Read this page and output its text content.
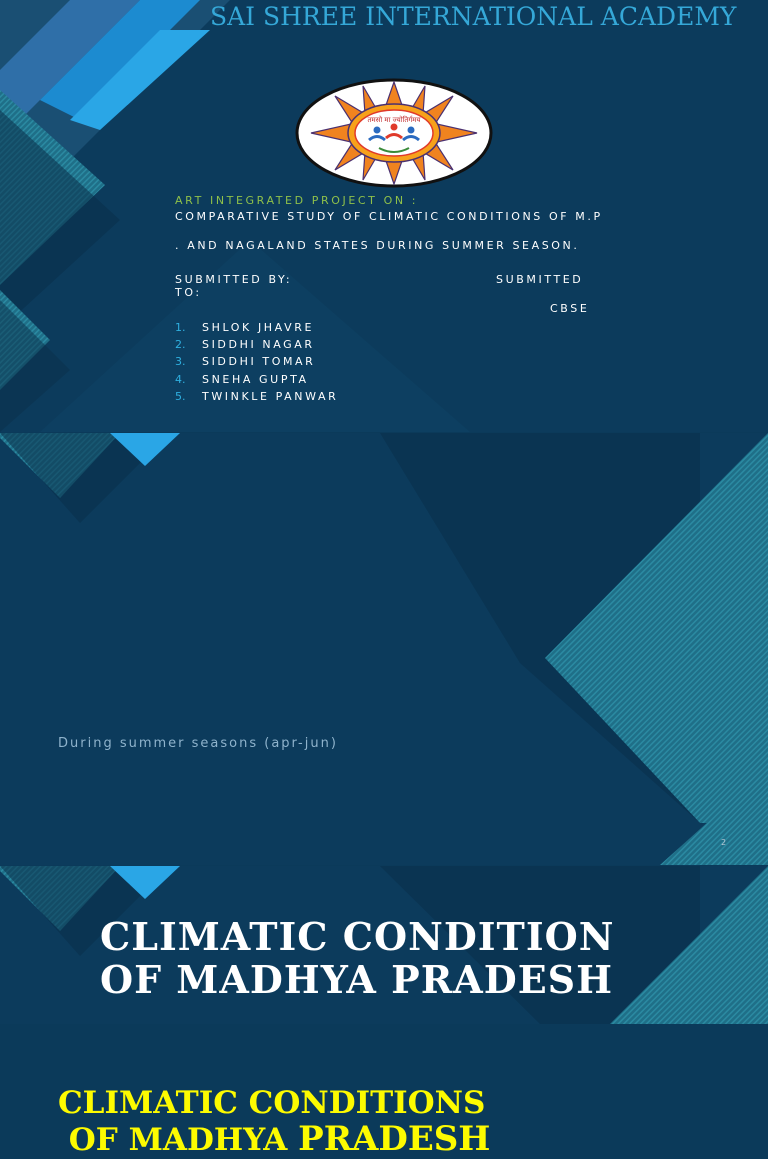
SAI SHREE INTERNATIONAL ACADEMY
तमसो मा ज्योतिर्गमय
ART INTEGRATED PROJECT ON :
COMPARATIVE STUDY OF CLIMATIC CONDITIONS OF M.P
. AND NAGALAND STATES DURING SUMMER SEASON.
SUBMITTED BY:	SUBMITTED
TO:
CBSE
1.	SHLOK JHAVRE
2.	SIDDHI NAGAR
3.	SIDDHI TOMAR
4.	SNEHA GUPTA
5.	TWINKLE PANWAR
CLIMATIC CONDITIONS
OF MADHYA PRADESH
During summer seasons (apr-jun)
2
CLIMATIC CONDITION
OF MADHYA PRADESH
